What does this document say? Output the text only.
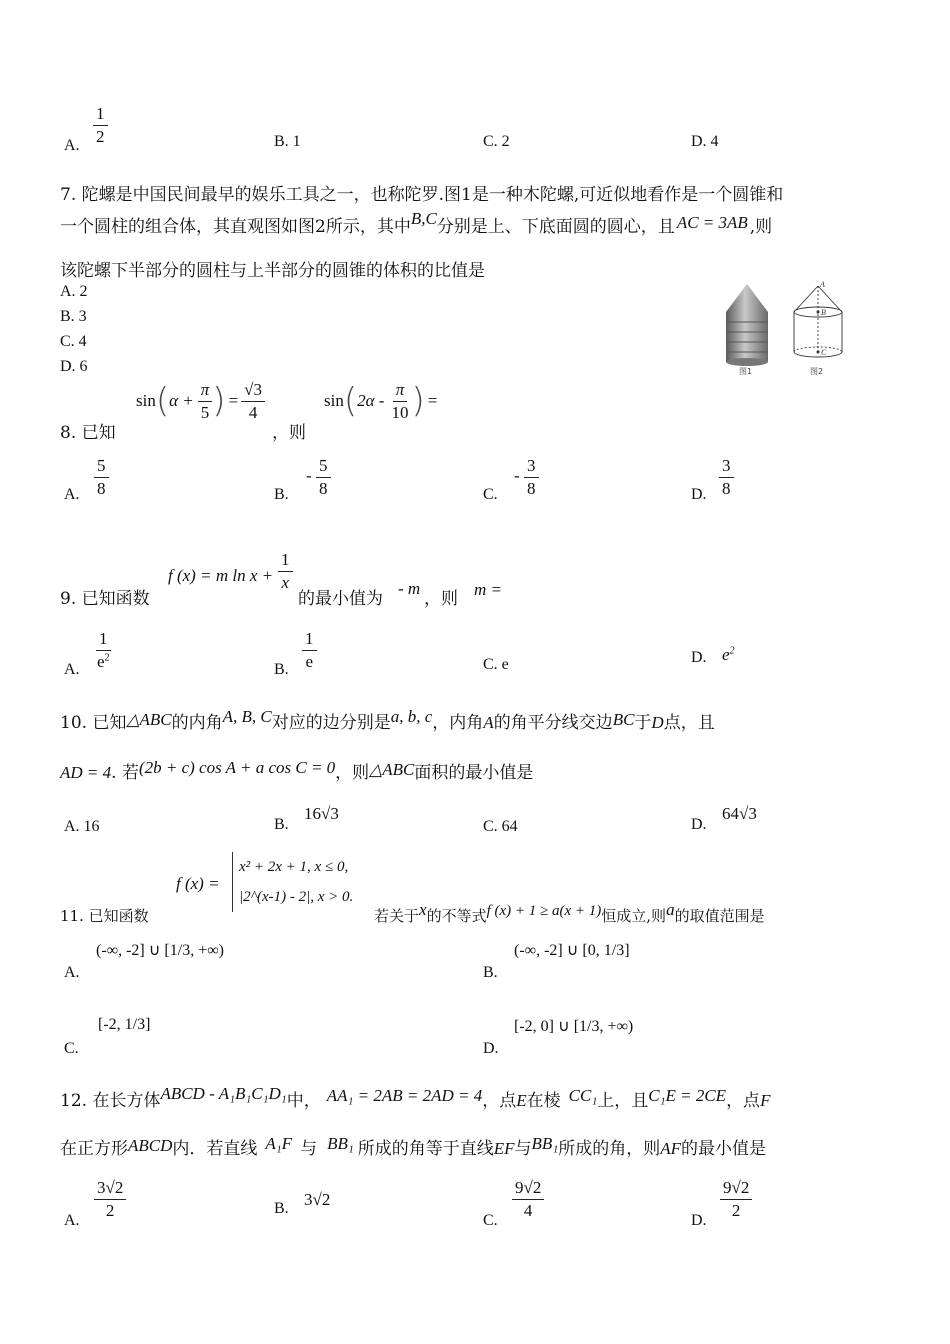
A. $\frac{1}{2}$	B. 1	C. 2	D. 4
7. 陀螺是中国民间最早的娱乐工具之一，也称陀罗.图1是一种木陀螺,可近似地看作是一个圆锥和
一个圆柱的组合体，其直观图如图2所示，其中B,C分别是上、下底面圆的圆心，且 AC = 3AB ,则
该陀螺下半部分的圆柱与上半部分的圆锥的体积的比值是
A. 2
B. 3
C. 4
D. 6
A
B
C
图1	图2
8. 已知
sin ( $\alpha + \frac{\pi}{5}$ ) = $\frac{√3}{4}$
，则
sin ( $2\alpha - \frac{\pi}{10}$ ) =
A. $\frac{5}{8}$	B.
- $\frac{5}{8}$	C.
- $\frac{3}{8}$	D. $\frac{3}{8}$
9. 已知函数
f (x) = m $\ln x + \frac{1}{x}$
的最小值为
- m
，则 m =
A. $\frac{1}{e^2}$	B. $\frac{1}{e}$	C. e	D. $e^2$
10. 已知△ABC的内角A, B, C对应的边分别是a, b, c，内角A的角平分线交边BC于D点，且
AD = 4. 若(2b + c) cos A + a cos C = 0，则△ABC面积的最小值是
A. 16	B.
16√3
C. 64	D.
64√3
11. 已知函数
f (x) =
x² + 2x + 1, x ≤ 0,
|2^(x-1) - 2|, x > 0.
若关于x的不等式f (x) + 1 ≥ a(x + 1)恒成立,则a的取值范围是
A.
(-∞, -2] ∪ [1/3, +∞)
B.
(-∞, -2] ∪ [0, 1/3]
C.
[-2, 1/3]
D.
[-2, 0] ∪ [1/3, +∞)
12. 在长方体ABCD - A₁B₁C₁D₁中， AA₁ = 2AB = 2AD = 4，点E在棱 CC₁上，且C₁E = 2CE，点F
在正方形ABCD内．若直线 A₁F 与 BB₁ 所成的角等于直线EF与BB₁所成的角，则AF的最小值是
A.
$\frac{3√2}{2}$	B. 3√2
C.
$\frac{9√2}{4}$
D.
$\frac{9√2}{2}$
